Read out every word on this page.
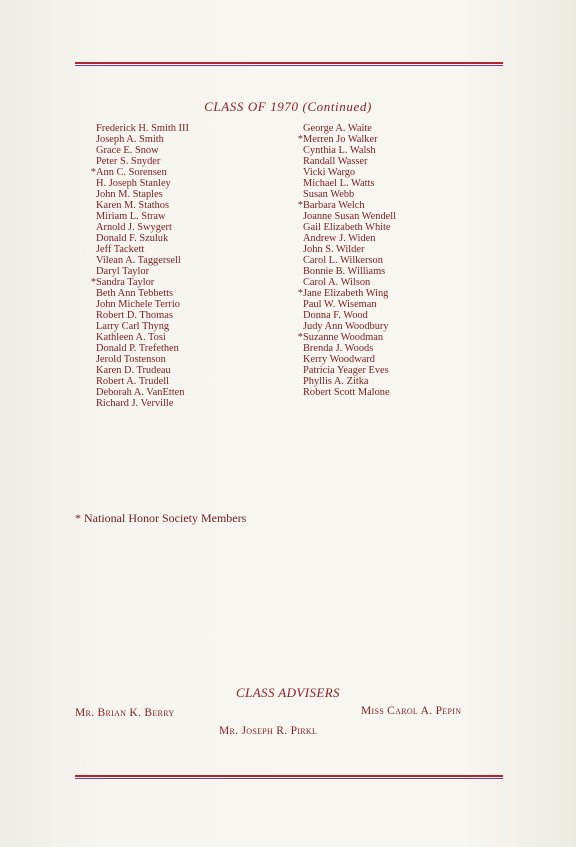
CLASS OF 1970 (Continued)
Frederick H. Smith III
Joseph A. Smith
Grace E. Snow
Peter S. Snyder
*Ann C. Sorensen
H. Joseph Stanley
John M. Staples
Karen M. Stathos
Miriam L. Straw
Arnold J. Swygert
Donald F. Szuluk
Jeff Tackett
Vilean A. Taggersell
Daryl Taylor
*Sandra Taylor
Beth Ann Tebbetts
John Michele Terrio
Robert D. Thomas
Larry Carl Thyng
Kathleen A. Tosi
Donald P. Trefethen
Jerold Tostenson
Karen D. Trudeau
Robert A. Trudell
Deborah A. VanEtten
Richard J. Verville
George A. Waite
*Merren Jo Walker
Cynthia L. Walsh
Randall Wasser
Vicki Wargo
Michael L. Watts
Susan Webb
*Barbara Welch
Joanne Susan Wendell
Gail Elizabeth White
Andrew J. Widen
John S. Wilder
Carol L. Wilkerson
Bonnie B. Williams
Carol A. Wilson
*Jane Elizabeth Wing
Paul W. Wiseman
Donna F. Wood
Judy Ann Woodbury
*Suzanne Woodman
Brenda J. Woods
Kerry Woodward
Patricia Yeager Eves
Phyllis A. Zitka
Robert Scott Malone
* National Honor Society Members
CLASS ADVISERS
Mr. Brian K. Berry	Miss Carol A. Pepin
Mr. Joseph R. Pirkl
